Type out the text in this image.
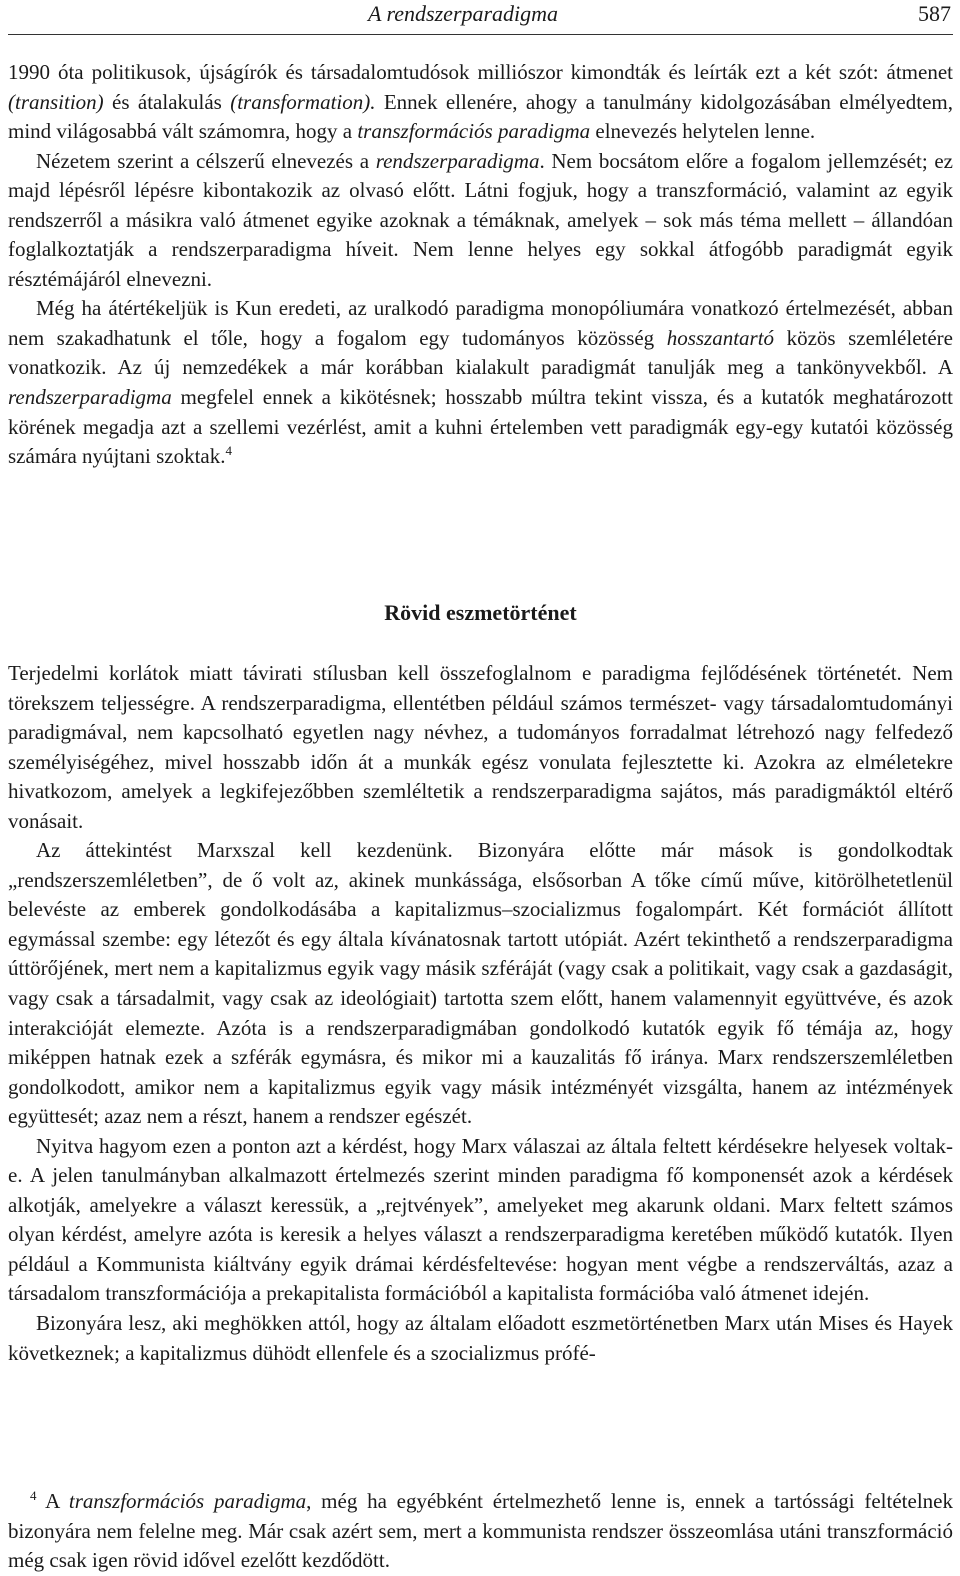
A rendszerparadigma	587

1990 óta politikusok, újságírók és társadalomtudósok milliószor kimondták és leírták ezt a két szót: átmenet (transition) és átalakulás (transformation). Ennek ellenére, ahogy a tanulmány kidolgozásában elmélyedtem, mind világosabbá vált számomra, hogy a transzformációs paradigma elnevezés helytelen lenne.

Nézetem szerint a célszerű elnevezés a rendszerparadigma. Nem bocsátom előre a fogalom jellemzését; ez majd lépésről lépésre kibontakozik az olvasó előtt. Látni fogjuk, hogy a transzformáció, valamint az egyik rendszerről a másikra való átmenet egyike azoknak a témáknak, amelyek – sok más téma mellett – állandóan foglalkoztatják a rendszerparadigma híveit. Nem lenne helyes egy sokkal átfogóbb paradigmát egyik résztémájáról elnevezni.

Még ha átértékeljük is Kun eredeti, az uralkodó paradigma monopóliumára vonatkozó értelmezését, abban nem szakadhatunk el tőle, hogy a fogalom egy tudományos közösség hosszantartó közös szemléletére vonatkozik. Az új nemzedékek a már korábban kialakult paradigmát tanulják meg a tankönyvekből. A rendszerparadigma megfelel ennek a kikötésnek; hosszabb múltra tekint vissza, és a kutatók meghatározott körének megadja azt a szellemi vezérlést, amit a kuhni értelemben vett paradigmák egy-egy kutatói közösség számára nyújtani szoktak.$^4$

Rövid eszmetörténet

Terjedelmi korlátok miatt távirati stílusban kell összefoglalnom e paradigma fejlődésének történetét. Nem törekszem teljességre. A rendszerparadigma, ellentétben például számos természet- vagy társadalomtudományi paradigmával, nem kapcsolható egyetlen nagy névhez, a tudományos forradalmat létrehozó nagy felfedező személyiségéhez, mivel hosszabb időn át a munkák egész vonulata fejlesztette ki. Azokra az elméletekre hivatkozom, amelyek a legkifejezőbben szemléltetik a rendszerparadigma sajátos, más paradigmáktól eltérő vonásait.

Az áttekintést Marxszal kell kezdenünk. Bizonyára előtte már mások is gondolkodtak „rendszerszemléletben”, de ő volt az, akinek munkássága, elsősorban A tőke című műve, kitörölhetetlenül belevéste az emberek gondolkodásába a kapitalizmus–szocializmus fogalompárt. Két formációt állított egymással szembe: egy létezőt és egy általa kívánatosnak tartott utópiát. Azért tekinthető a rendszerparadigma úttörőjének, mert nem a kapitalizmus egyik vagy másik szféráját (vagy csak a politikait, vagy csak a gazdaságit, vagy csak a társadalmit, vagy csak az ideológiait) tartotta szem előtt, hanem valamennyit együttvéve, és azok interakcióját elemezte. Azóta is a rendszerparadigmában gondolkodó kutatók egyik fő témája az, hogy miképpen hatnak ezek a szférák egymásra, és mikor mi a kauzalitás fő iránya. Marx rendszerszemléletben gondolkodott, amikor nem a kapitalizmus egyik vagy másik intézményét vizsgálta, hanem az intézmények együttesét; azaz nem a részt, hanem a rendszer egészét.

Nyitva hagyom ezen a ponton azt a kérdést, hogy Marx válaszai az általa feltett kérdésekre helyesek voltak-e. A jelen tanulmányban alkalmazott értelmezés szerint minden paradigma fő komponensét azok a kérdések alkotják, amelyekre a választ keressük, a „rejtvények”, amelyeket meg akarunk oldani. Marx feltett számos olyan kérdést, amelyre azóta is keresik a helyes választ a rendszerparadigma keretében működő kutatók. Ilyen például a Kommunista kiáltvány egyik drámai kérdésfeltevése: hogyan ment végbe a rendszerváltás, azaz a társadalom transzformációja a prekapitalista formációból a kapitalista formációba való átmenet idején.

Bizonyára lesz, aki meghökken attól, hogy az általam előadott eszmetörténetben Marx után Mises és Hayek következnek; a kapitalizmus dühödt ellenfele és a szocializmus prófé-

$^4$ A transzformációs paradigma, még ha egyébként értelmezhető lenne is, ennek a tartóssági feltételnek bizonyára nem felelne meg. Már csak azért sem, mert a kommunista rendszer összeomlása utáni transzformáció még csak igen rövid idővel ezelőtt kezdődött.
